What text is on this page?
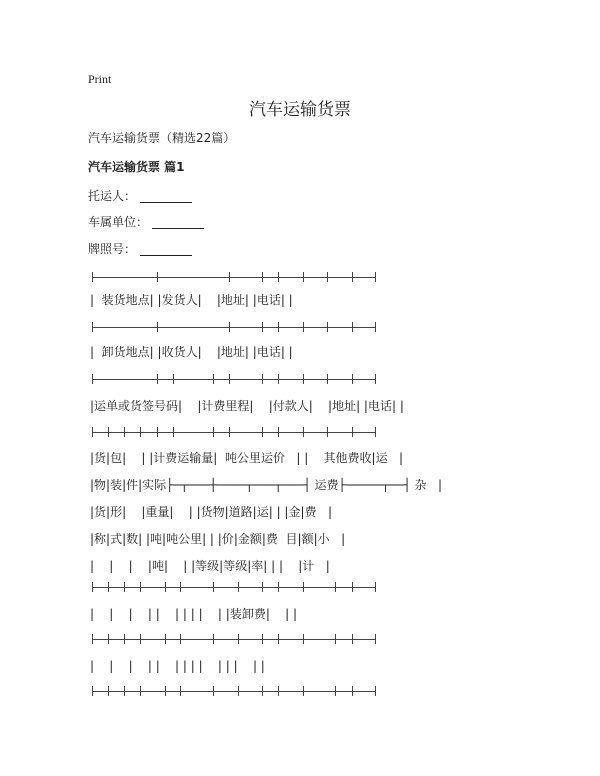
Print
汽车运输货票
汽车运输货票（精选22篇）
汽车运输货票 篇1
托运人：
车属单位：
牌照号：
|  装货地点| |发货人|    |地址| |电话| |
|  卸货地点| |收货人|    |地址| |电话| |
|运单或货签号码|    |计费里程|    |付款人|    |地址| |电话| |
|货|包|    | |计费运输量|  吨公里运价   | |    其他费收|运   |
|物|装|件|实际├─┬───┼────┬───┬───┤ 运费├─────┬──┤ 杂   |
|货|形|    |重量|    | |货物|道路|运| | |金|费   |
|称|式|数| |吨|吨公里| | |价|金额|费  目|额|小   |
|    |    |    |吨|    | |等级|等级|率| | |    |计   |
|    |    |    | |    | | | |    | |装卸费|    | |
|    |    |    | |    | | | |    | | |    | |
